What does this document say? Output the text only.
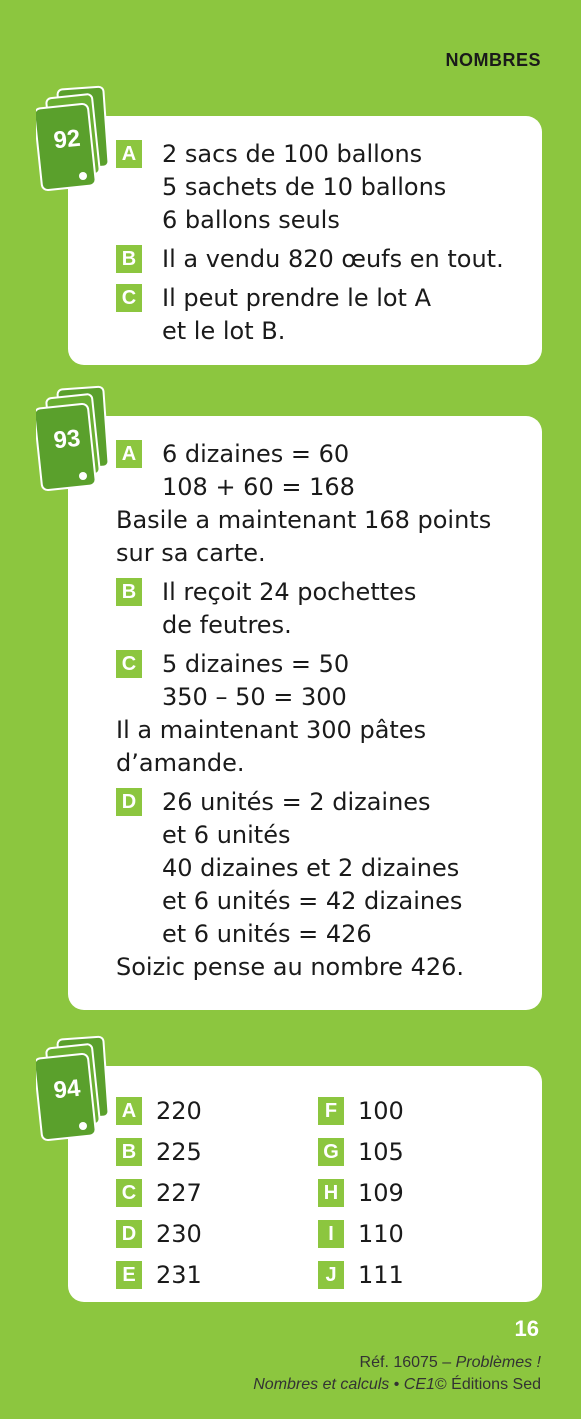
NOMBRES
A 2 sacs de 100 ballons
5 sachets de 10 ballons
6 ballons seuls
B Il a vendu 820 œufs en tout.
C Il peut prendre le lot A
et le lot B.
92
A 6 dizaines = 60
108 + 60 = 168
Basile a maintenant 168 points
sur sa carte.
B Il reçoit 24 pochettes
de feutres.
C 5 dizaines = 50
350 – 50 = 300
Il a maintenant 300 pâtes
d’amande.
D 26 unités = 2 dizaines
et 6 unités
40 dizaines et 2 dizaines
et 6 unités = 42 dizaines
et 6 unités = 426
Soizic pense au nombre 426.
93
A 220
B 225
C 227
D 230
E 231
F 100
G 105
H 109
I	110
J 111
94
16
Réf. 16075 – Problèmes !
Nombres et calculs • CE1© Éditions Sed
